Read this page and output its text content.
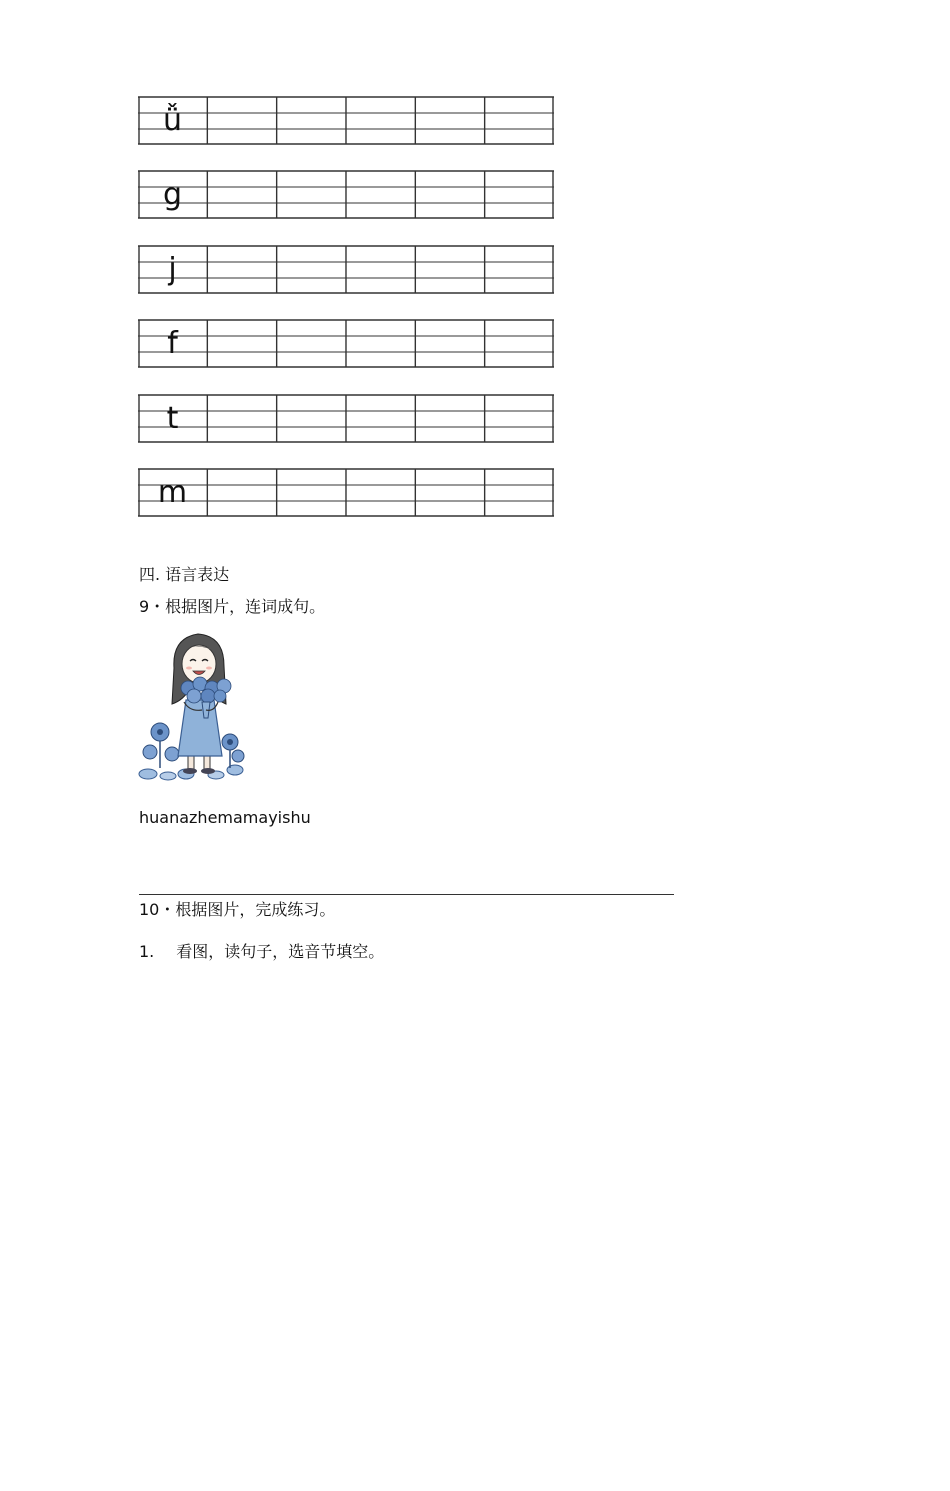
ǚ
g
j
f
t
m
四. 语言表达
9・根据图片，连词成句。
huanazhemamayishu
10・根据图片，完成练习。
1. 看图，读句子，选音节填空。
